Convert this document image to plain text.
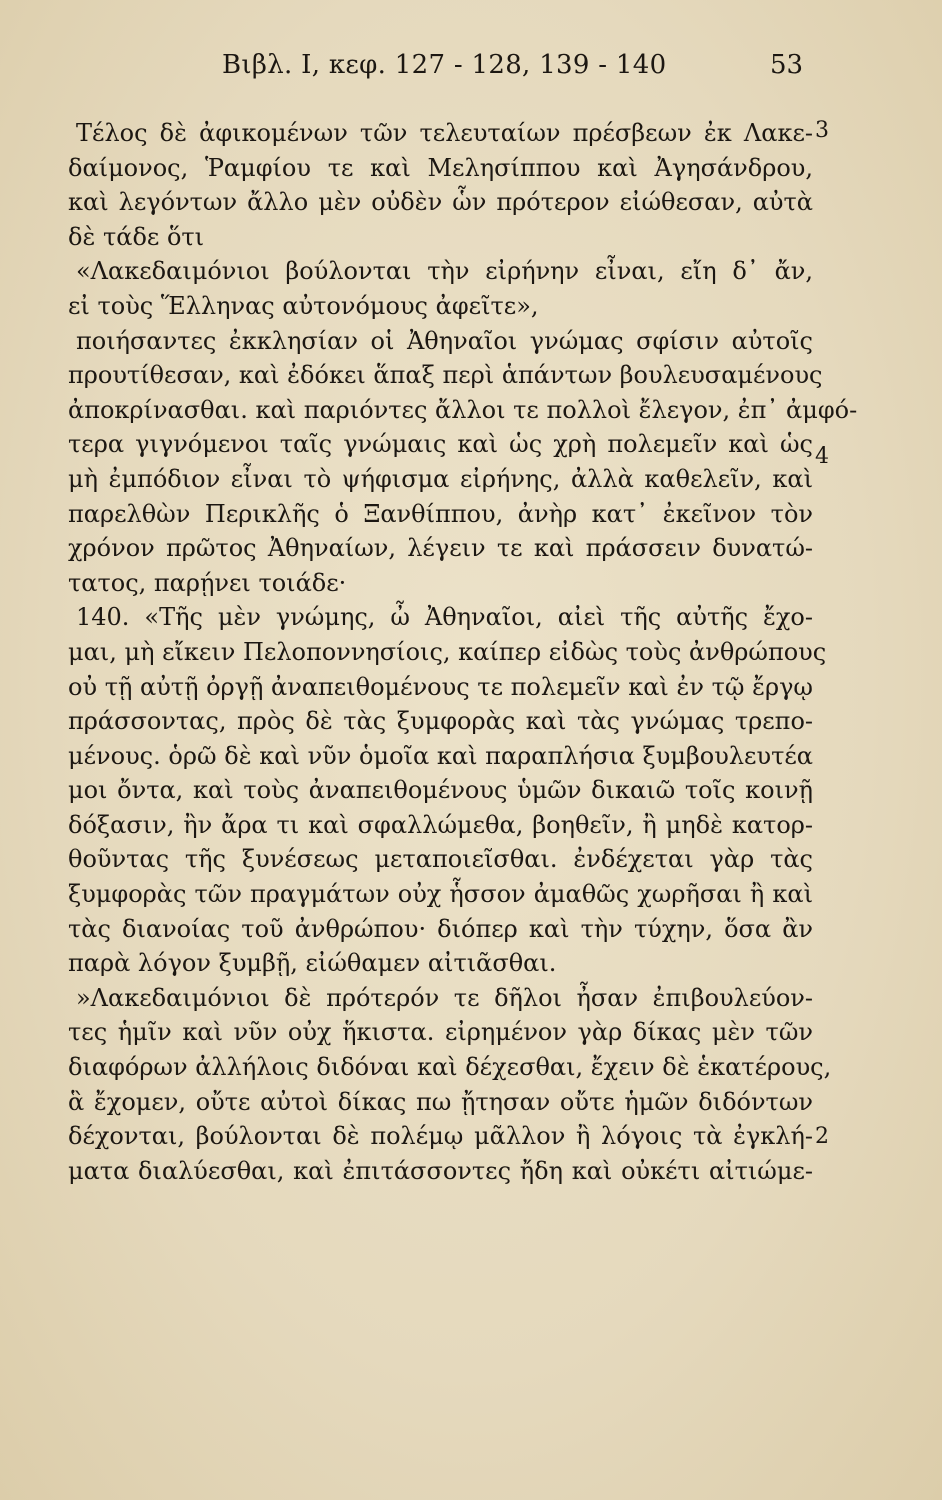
Βιβλ. Ι, κεφ. 127 - 128, 139 - 140	53
Τέλος δὲ ἀφικομένων τῶν τελευταίων πρέσβεων ἐκ Λακε-
δαίμονος, Ῥαμφίου τε καὶ Μελησίππου καὶ Ἀγησάνδρου,
καὶ λεγόντων ἄλλο μὲν οὐδὲν ὧν πρότερον εἰώθεσαν, αὐτὰ
δὲ τάδε ὅτι
«Λακεδαιμόνιοι βούλονται τὴν εἰρήνην εἶναι, εἴη δ᾽ ἄν,
εἰ τοὺς Ἕλληνας αὐτονόμους ἀφεῖτε»,
ποιήσαντες ἐκκλησίαν οἱ Ἀθηναῖοι γνώμας σφίσιν αὐτοῖς
προυτίθεσαν, καὶ ἐδόκει ἅπαξ περὶ ἁπάντων βουλευσαμένους
ἀποκρίνασθαι. καὶ παριόντες ἄλλοι τε πολλοὶ ἔλεγον, ἐπ᾽ ἀμφό-
τερα γιγνόμενοι ταῖς γνώμαις καὶ ὡς χρὴ πολεμεῖν καὶ ὡς
μὴ ἐμπόδιον εἶναι τὸ ψήφισμα εἰρήνης, ἀλλὰ καθελεῖν, καὶ
παρελθὼν Περικλῆς ὁ Ξανθίππου, ἀνὴρ κατ᾽ ἐκεῖνον τὸν
χρόνον πρῶτος Ἀθηναίων, λέγειν τε καὶ πράσσειν δυνατώ-
τατος, παρῄνει τοιάδε·
140. «Τῆς μὲν γνώμης, ὦ Ἀθηναῖοι, αἰεὶ τῆς αὐτῆς ἔχο-
μαι, μὴ εἴκειν Πελοποννησίοις, καίπερ εἰδὼς τοὺς ἀνθρώπους
οὐ τῇ αὐτῇ ὀργῇ ἀναπειθομένους τε πολεμεῖν καὶ ἐν τῷ ἔργῳ
πράσσοντας, πρὸς δὲ τὰς ξυμφορὰς καὶ τὰς γνώμας τρεπο-
μένους. ὁρῶ δὲ καὶ νῦν ὁμοῖα καὶ παραπλήσια ξυμβουλευτέα
μοι ὄντα, καὶ τοὺς ἀναπειθομένους ὑμῶν δικαιῶ τοῖς κοινῇ
δόξασιν, ἢν ἄρα τι καὶ σφαλλώμεθα, βοηθεῖν, ἢ μηδὲ κατορ-
θοῦντας τῆς ξυνέσεως μεταποιεῖσθαι. ἐνδέχεται γὰρ τὰς
ξυμφορὰς τῶν πραγμάτων οὐχ ἧσσον ἀμαθῶς χωρῆσαι ἢ καὶ
τὰς διανοίας τοῦ ἀνθρώπου· διόπερ καὶ τὴν τύχην, ὅσα ἂν
παρὰ λόγον ξυμβῇ, εἰώθαμεν αἰτιᾶσθαι.
»Λακεδαιμόνιοι δὲ πρότερόν τε δῆλοι ἦσαν ἐπιβουλεύον-
τες ἡμῖν καὶ νῦν οὐχ ἥκιστα. εἰρημένον γὰρ δίκας μὲν τῶν
διαφόρων ἀλλήλοις διδόναι καὶ δέχεσθαι, ἔχειν δὲ ἑκατέρους,
ἃ ἔχομεν, οὔτε αὐτοὶ δίκας πω ᾔτησαν οὔτε ἡμῶν διδόντων
δέχονται, βούλονται δὲ πολέμῳ μᾶλλον ἢ λόγοις τὰ ἐγκλή-
ματα διαλύεσθαι, καὶ ἐπιτάσσοντες ἤδη καὶ οὐκέτι αἰτιώμε-
3
4
2
